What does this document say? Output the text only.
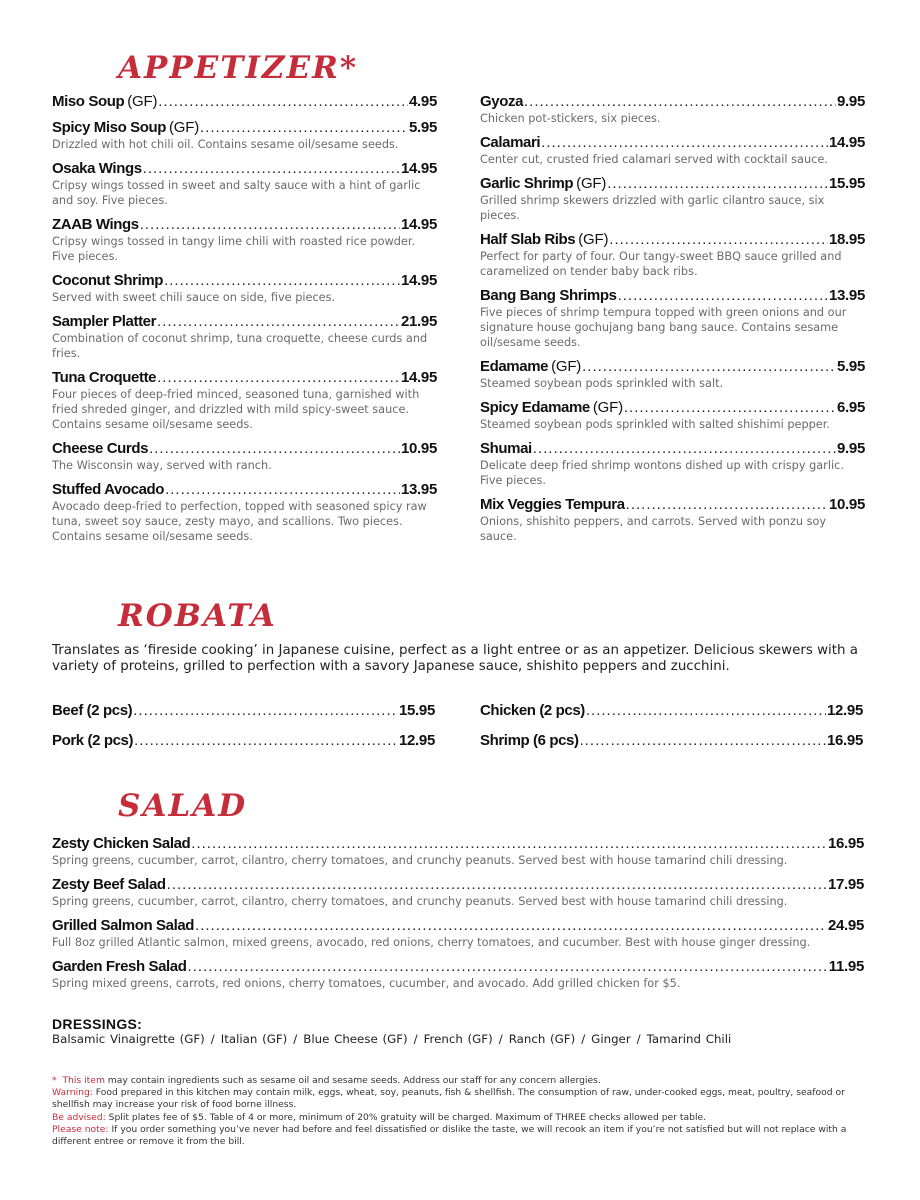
APPETIZER*
Miso Soup (GF) .....	4.95
Spicy Miso Soup (GF) .....	5.95

Drizzled with hot chili oil. Contains sesame oil/sesame seeds.

Osaka Wings .....	14.95

Cripsy wings tossed in sweet and salty sauce with a hint of garlic and soy. Five pieces.

ZAAB Wings .....	14.95

Cripsy wings tossed in tangy lime chili with roasted rice powder. Five pieces.

Coconut Shrimp .....	14.95

Served with sweet chili sauce on side, five pieces.

Sampler Platter .....	21.95

Combination of coconut shrimp, tuna croquette, cheese curds and fries.

Tuna Croquette .....	14.95

Four pieces of deep-fried minced, seasoned tuna, garnished with fried shreded ginger, and drizzled with mild spicy-sweet sauce. Contains sesame oil/sesame seeds.

Cheese Curds .....	10.95

The Wisconsin way, served with ranch.

Stuffed Avocado .....	13.95

Avocado deep-fried to perfection, topped with seasoned spicy raw tuna, sweet soy sauce, zesty mayo, and scallions. Two pieces. Contains sesame oil/sesame seeds.

Gyoza .....	9.95

Chicken pot-stickers, six pieces.

Calamari .....	14.95

Center cut, crusted fried calamari served with cocktail sauce.

Garlic Shrimp (GF) .....	15.95

Grilled shrimp skewers drizzled with garlic cilantro sauce, six pieces.

Half Slab Ribs (GF) .....	18.95

Perfect for party of four. Our tangy-sweet BBQ sauce grilled and caramelized on tender baby back ribs.

Bang Bang Shrimps .....	13.95

Five pieces of shrimp tempura topped with green onions and our signature house gochujang bang bang sauce. Contains sesame oil/sesame seeds.

Edamame (GF) .....	5.95

Steamed soybean pods sprinkled with salt.

Spicy Edamame (GF) .....	6.95

Steamed soybean pods sprinkled with salted shishimi pepper.

Shumai .....	9.95

Delicate deep fried shrimp wontons dished up with crispy garlic. Five pieces.

Mix Veggies Tempura .....	10.95

Onions, shishito peppers, and carrots. Served with ponzu soy sauce.

ROBATA

Translates as ‘fireside cooking’ in Japanese cuisine, perfect as a light entree or as an appetizer. Delicious skewers with a variety of proteins, grilled to perfection with a savory Japanese sauce, shishito peppers and zucchini.

Beef (2 pcs) .....	15.95
Pork (2 pcs) .....	12.95
Chicken (2 pcs) .....	12.95
Shrimp (6 pcs) .....	16.95
SALAD
Zesty Chicken Salad .....	16.95

Spring greens, cucumber, carrot, cilantro, cherry tomatoes, and crunchy peanuts. Served best with house tamarind chili dressing.

Zesty Beef Salad .....	17.95

Spring greens, cucumber, carrot, cilantro, cherry tomatoes, and crunchy peanuts. Served best with house tamarind chili dressing.

Grilled Salmon Salad .....	24.95

Full 8oz grilled Atlantic salmon, mixed greens, avocado, red onions, cherry tomatoes, and cucumber. Best with house ginger dressing.

Garden Fresh Salad .....	11.95

Spring mixed greens, carrots, red onions, cherry tomatoes, cucumber, and avocado. Add grilled chicken for $5.

DRESSINGS:
Balsamic Vinaigrette (GF) / Italian (GF) / Blue Cheese (GF) / French (GF) / Ranch (GF) / Ginger / Tamarind Chili

* This item may contain ingredients such as sesame oil and sesame seeds. Address our staff for any concern allergies.

Warning: Food prepared in this kitchen may contain milk, eggs, wheat, soy, peanuts, fish & shellfish. The consumption of raw, under-cooked eggs, meat, poultry, seafood or shellfish may increase your risk of food borne illness.

Be advised: Split plates fee of $5. Table of 4 or more, minimum of 20% gratuity will be charged. Maximum of THREE checks allowed per table.

Please note: If you order something you’ve never had before and feel dissatisfied or dislike the taste, we will recook an item if you’re not satisfied but will not replace with a different entree or remove it from the bill.
